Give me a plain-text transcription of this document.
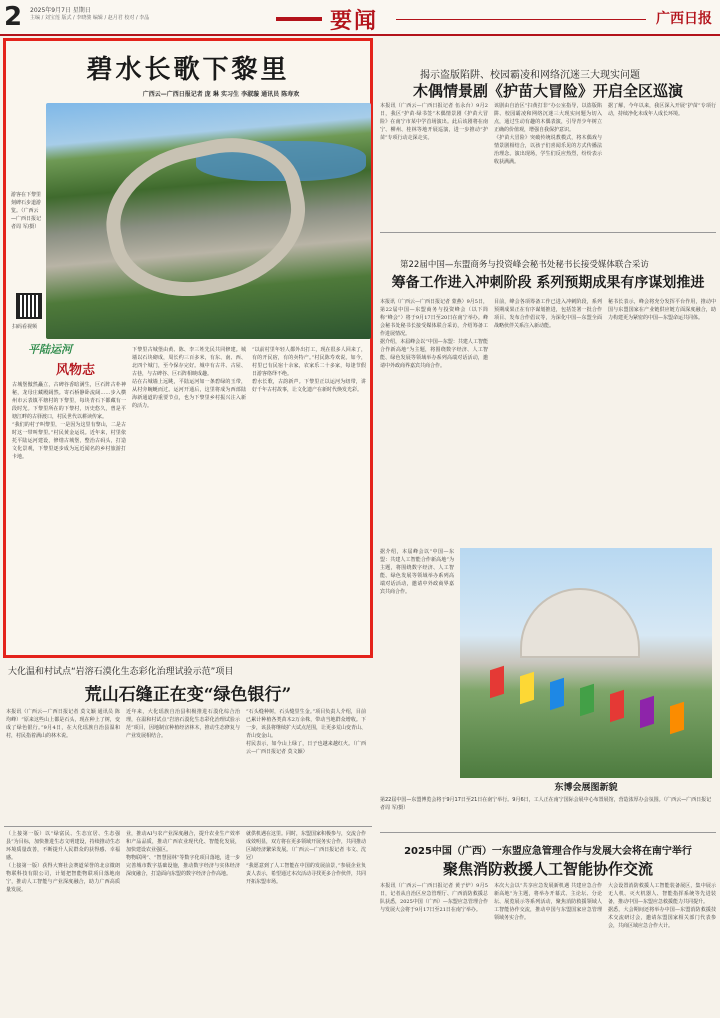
2 2025年9月7日 星期日
主编 / 刘宝莲 版式 / 李晓骏 编辑 / 赵月君 校对 / 李晶	要闻	广西日报
碧水长歌下黎里
广西云—广西日报记者 庞 琳 实习生 李淑璇 通讯员 陈寿欢
游客在下黎里刻碑石步道游览。（广西云—广西日报记者周 军/摄）
扫码看视频
平陆运河
风物志

古城堡傲然矗立，古碑谷香暗满生，巨石阵古朴神秘，龙母庄藏殿阔然。寄石桥静卧流阔……步入横州市云表镇平塘村的下黎里，每块青石下都藏有一段时光。下黎里所在的下黎村，历史悠久，曾是平塘江畔的古驿渡口，村民世代以耕读传家。

“我们的村子叫黎里，一是因为这里有黎山，二是古时这一带叫黎里。”村民黄金运说。近年来，村里依托平陆运河建设，修缮古城堡，整治古码头，打造文化景观，下黎里逐步成为远近闻名的乡村旅游打卡地。

下黎里古城堡由黄、陈、李三姓先民共同修建。城墙以石块砌成，周长约三百多米，有东、南、西、北四个城门，至今保存完好。城中有古井、古屋、古巷，与古碑谷、巨石阵相映成趣。

站在古城墙上远眺，平陆运河如一条碧绿的玉带，从村旁蜿蜒而过。运河开通后，这里将成为西部陆海新通道的重要节点，也为下黎里乡村振兴注入新的活力。

“以前村里年轻人都外出打工，现在很多人回来了，有的开民宿，有的卖特产。”村民陈寿欢说。如今，村里已有民宿十余家，农家乐二十多家，每逢节假日游客络绎不绝。

碧水长歌，古韵新声。下黎里正以运河为纽带，讲好千年古村故事，让文化遗产在新时代焕发光彩。

揭示盗版陷阱、校园霸凌和网络沉迷三大现实问题
木偶情景剧《护苗大冒险》开启全区巡演

本报讯（广西云—广西日报记者 伍永台）9月2日，我区“护苗·绿书签”木偶情景剧《护苗大冒险》在南宁市某中学首场演出。此后该剧将在南宁、柳州、桂林等地开展巡演，进一步推动“护苗”专项行动走深走实。

该剧由自治区“扫黄打非”办公室指导，以盗版陷阱、校园霸凌和网络沉迷三大现实问题为切入点，通过生动有趣的木偶表演，引导青少年树立正确的价值观，增强自我保护意识。

《护苗大冒险》突破传统说教模式，将木偶戏与情景剧相结合，以孩子们喜闻乐见的方式传播法治理念。演出现场，学生们反应热烈，纷纷表示收获满满。

据了解，今年以来，我区深入开展“护苗”专项行动，持续净化未成年人成长环境。

第22届中国—东盟商务与投资峰会秘书处秘书长接受媒体联合采访
筹备工作进入冲刺阶段 系列预期成果有序谋划推进

本报讯（广西云—广西日报记者 蒙燕）9月5日，第22届中国—东盟商务与投资峰会（以下简称“峰会”）将于9月17日至20日在南宁举办。峰会秘书处秘书长接受媒体联合采访，介绍筹备工作进展情况。

据介绍，本届峰会以“中国—东盟：共建人工智能合作新高地”为主题，将围绕数字经济、人工智能、绿色发展等领域举办系列高端对话活动，邀请中外政商界嘉宾共商合作。

目前，峰会各项筹备工作已进入冲刺阶段，系列预期成果正在有序谋划推进，包括签署一批合作项目、发布合作倡议等，为深化中国—东盟全面战略伙伴关系注入新动能。

秘书长表示，峰会将充分发挥平台作用，推动中国与东盟国家在产业链供应链方面深度融合，助力构建更为紧密的中国—东盟命运共同体。

据介绍，本届峰会以“中国—东盟：共建人工智能合作新高地”为主题，将围绕数字经济、人工智能、绿色发展等领域举办系列高端对话活动，邀请中外政商界嘉宾共商合作。

东博会展图新貌
第22届中国—东盟博览会将于9月17日至21日在南宁举行。9月6日，工人正在南宁国际会展中心布置展馆，营造浓厚办会氛围。（广西云—广西日报记者周 军/摄）
2025中国（广西）一东盟应急管理合作与发展大会将在南宁举行
聚焦消防救援人工智能协作交流

本报讯（广西云—广西日报记者 黄子炉）9月5日，记者从自治区应急管理厅、广西消防救援总队获悉，2025中国（广西）—东盟应急管理合作与发展大会将于9月17日至21日在南宁举办。

本次大会以“共享应急发展新机遇 共建应急合作新高地”为主题，将举办开幕式、主论坛、分论坛、展览展示等系列活动，聚焦消防救援领域人工智能协作交流，推动中国与东盟国家应急管理领域务实合作。

大会设置消防救援人工智能装备展区，集中展示无人机、灭火机器人、智能指挥系统等先进装备，推动中国—东盟应急救援能力共同提升。

据悉，大会期间还将举办中国—东盟消防救援技术交流研讨会，邀请东盟国家相关部门代表参会，共商区域应急合作大计。

大化温和村试点“岩溶石漠化生态彩化治理试验示范”项目
荒山石缝正在变“绿色银行”

本报讯（广西云—广西日报记者 莫文颖 通讯员 陈均峰）“原来这些山上都是石头，现在种上了树，变成了绿色银行。”9月4日，在大化瑶族自治县温和村，村民指着满山的林木说。

近年来，大化瑶族自治县积极推进石漠化综合治理，在温和村试点“岩溶石漠化生态彩化治理试验示范”项目，因地制宜种植经济林木，推动生态修复与产业发展相结合。

“石头缝种树，石头缝里生金。”项目负责人介绍，目前已累计种植各类苗木2万余株，带动当地群众增收。下一步，该县将继续扩大试点范围，让更多荒山变青山、青山变金山。

村民表示，如今山上绿了，日子也越来越红火。（广西云—广西日报记者 莫文颖）

（上接第一版）以“绿富民、生态宜居、生态强县”为目标，加快推进生态文明建设，持续推动生态环境质量改善，不断提升人民群众的获得感、幸福感。

（上接第一版）获得大赛社会赛道荣誉的北京微朗物联科技有限公司，计划把智能物联项目落地南宁，推动人工智能与产业深度融合，助力广西高质量发展。

业，推动AI与农产业深度融合，提升农业生产效率和产品品质，推动广西农业现代化、智能化发展，加快建设农业强区。

物物联网”、“智慧园林”等数字化项目落地，进一步完善城市数字基础设施，推动数字经济与实体经济深度融合，打造面向东盟的数字经济合作高地。

就供机遇在这里。同时，东盟国家积极参与，交流合作成效明显，双方将在更多领域开展务实合作，共同推动区域经济繁荣发展。（广西云—广西日报记者 韦文、沈冠）

“我愿意到了人工智能在中国的发展前景，”参展企业负责人表示，希望通过本次活动寻找更多合作伙伴，共同开拓东盟市场。
